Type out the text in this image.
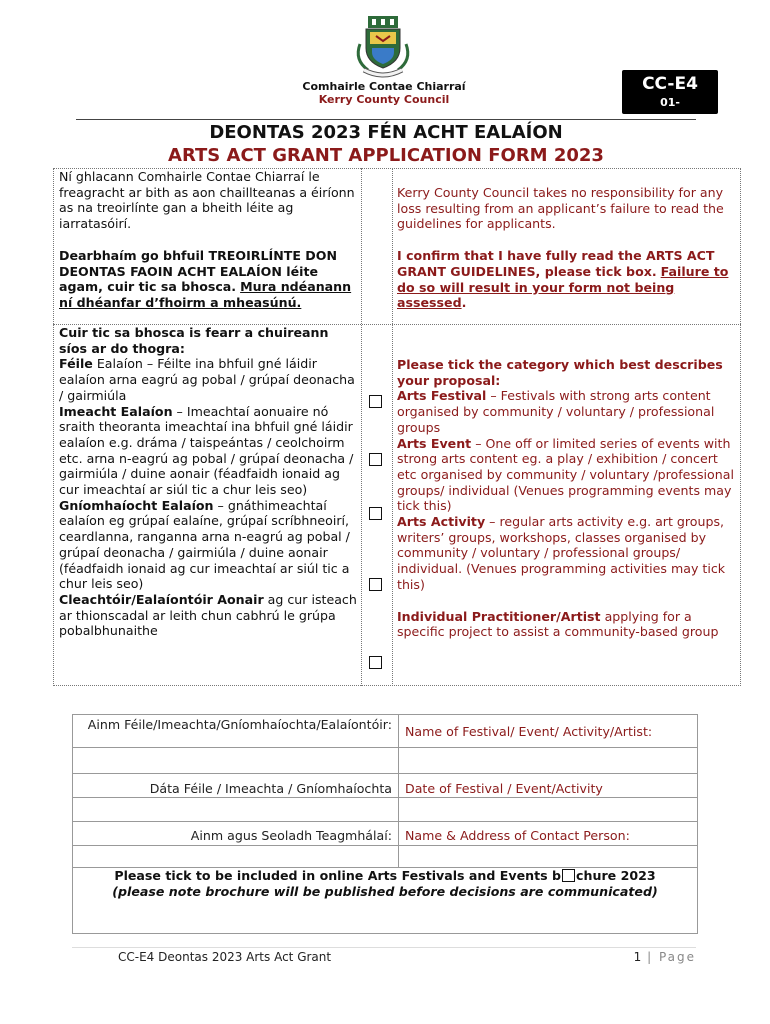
Comhairle Contae Chiarraí
Kerry County Council
CC-E4
01-
DEONTAS 2023 FÉN ACHT EALAÍON
ARTS ACT GRANT APPLICATION FORM 2023
Ní ghlacann Comhairle Contae Chiarraí le freagracht ar bith as aon chaillteanas a éiríonn as na treoirlínte gan a bheith léite ag iarratasóirí.
Dearbhaím go bhfuil TREOIRLÍNTE DON DEONTAS FAOIN ACHT EALAÍON léite agam, cuir tic sa bhosca. Mura ndéanann ní dhéanfar d’fhoirm a mheasúnú.
Kerry County Council takes no responsibility for any loss resulting from an applicant’s failure to read the guidelines for applicants.
I confirm that I have fully read the ARTS ACT GRANT GUIDELINES, please tick box. Failure to do so will result in your form not being assessed.
Cuir tic sa bhosca is fearr a chuireann síos ar do thogra:
Féile Ealaíon – Féilte ina bhfuil gné láidir ealaíon arna eagrú ag pobal / grúpaí deonacha / gairmiúla
Imeacht Ealaíon – Imeachtaí aonuaire nó sraith theoranta imeachtaí ina bhfuil gné láidir ealaíon e.g. dráma / taispeántas / ceolchoirm etc. arna n-eagrú ag pobal / grúpaí deonacha / gairmiúla / duine aonair (féadfaidh ionaid ag cur imeachtaí ar siúl tic a chur leis seo)
Gníomhaíocht Ealaíon – gnáthimeachtaí ealaíon eg grúpaí ealaíne, grúpaí scríbhneoirí, ceardlanna, ranganna arna n-eagrú ag pobal / grúpaí deonacha / gairmiúla / duine aonair (féadfaidh ionaid ag cur imeachtaí ar siúl tic a chur leis seo)
Cleachtóir/Ealaíontóir Aonair ag cur isteach ar thionscadal ar leith chun cabhrú le grúpa pobalbhunaithe
Please tick the category which best describes your proposal:
Arts Festival – Festivals with strong arts content organised by community / voluntary / professional groups
Arts Event – One off or limited series of events with strong arts content eg. a play / exhibition / concert etc organised by community / voluntary /professional groups/ individual (Venues programming events may tick this)
Arts Activity – regular arts activity e.g. art groups, writers’ groups, workshops, classes organised by community / voluntary / professional groups/ individual. (Venues programming activities may tick this)
Individual Practitioner/Artist applying for a specific project to assist a community-based group
Ainm Féile/Imeachta/Gníomhaíochta/Ealaíontóir: Name of Festival/ Event/ Activity/Artist:
Dáta Féile / Imeachta / Gníomhaíochta Date of Festival / Event/Activity
Ainm agus Seoladh Teagmhálaí: Name & Address of Contact Person:
Please tick to be included in online Arts Festivals and Events b chure 2023
(please note brochure will be published before decisions are communicated)
CC-E4 Deontas 2023 Arts Act Grant	1 | Page
